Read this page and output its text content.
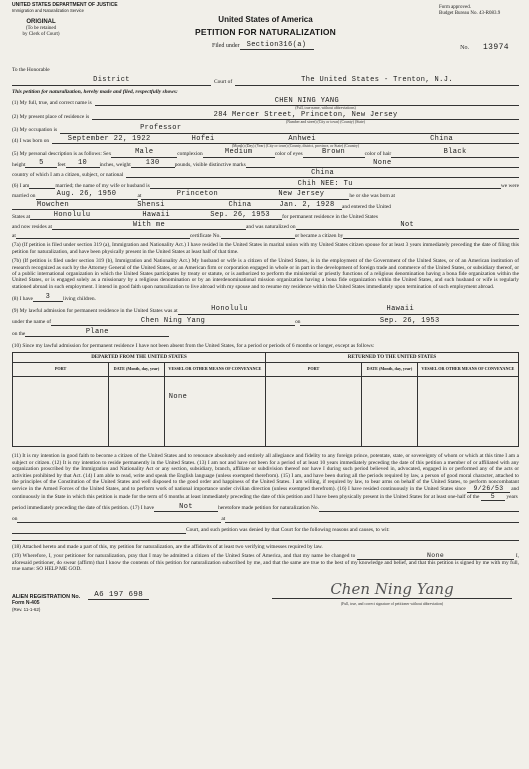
UNITED STATES DEPARTMENT OF JUSTICE
Immigration and Naturalization Service
ORIGINAL
(To be retained
by Clerk of Court)
United States of America
PETITION FOR NATURALIZATION
Filed under	Section316(a)
Form approved.
Budget Bureau No. 43-R083.9
No. 13974
To the Honorable
District	Court of	The United States - Trenton, N.J.
This petition for naturalization, hereby made and filed, respectfully shows:
(1) My full, true, and correct name is	CHEN NING YANG
(Full, true name, without abbreviations)
(2) My present place of residence is	284 Mercer Street, Princeton, New Jersey
(Number and street) (City or town) (County) (State)
(3) My occupation is	Professor
(4) I was born on	September 22, 1922	Hofei	Anhwei	China
(Month) (Day) (Year) (City or town) (County, district, province, or State) (Country)
(5) My personal description is as follows: Sex	Male	complexion	Medium	color of eyes	Brown	color of hair	Black
height	5	feet	10	inches, weight	130	pounds, visible distinctive marks	None
country of which I am a citizen, subject, or national	China
(6) I am	married; the name of my wife or husband is	Chih NEE: Tu	we were
married on	Aug. 26, 1950	at	Princeton	New Jersey	he or she was born at
Mowchen	Shensi	China	Jan. 2, 1928	and entered the United
States at	Honolulu	Hawaii	Sep. 26, 1953	for permanent residence in the United States
and now resides at	With me	and was naturalized on	Not
at	certificate No.	or became a citizen by

(7a) (If petition is filed under section 319 (a), Immigration and Nationality Act.) I have resided in the United States in marital union with my United States citizen spouse for at least 3 years immediately preceding the date of filing this petition for naturalization, and have been physically present in the United States at least half of that time.

(7b) (If petition is filed under section 319 (b), Immigration and Nationality Act.) My husband or wife is a citizen of the United States, is in the employment of the Government of the United States, or of an American institution of research recognized as such by the Attorney General of the United States, or an American firm or corporation engaged in whole or in part in the development of foreign trade and commerce of the United States, or subsidiary thereof, or of a public international organization in which the United States participates by treaty or statute, or is authorized to perform the ministerial or priestly functions of a religious denomination having a bona fide organization within the United States, or is engaged solely as a missionary by a religious denomination or by an interdenominational mission organization having a bona fide organization within the United States, and such husband or wife is regularly stationed abroad in such employment. I intend in good faith upon naturalization to live abroad with my spouse and to resume my residence within the United States immediately upon termination of such employment abroad.

(8) I have	3	living children.
(9) My lawful admission for permanent residence in the United States was at	Honolulu	Hawaii
under the name of	Chen Ning Yang	on	Sep. 26, 1953
on the	Plane

(10) Since my lawful admission for permanent residence I have not been absent from the United States, for a period or periods of 6 months or longer, except as follows:

DEPARTED FROM THE UNITED STATES			RETURNED TO THE UNITED STATES		
PORT	DATE (Month, day, year)	VESSEL OR OTHER MEANS OF CONVEYANCE	PORT	DATE (Month, day, year)	VESSEL OR OTHER MEANS OF CONVEYANCE
		None			

(11) It is my intention in good faith to become a citizen of the United States and to renounce absolutely and entirely all allegiance and fidelity to any foreign prince, potentate, state, or sovereignty of whom or which at this time I am a subject or citizen. (12) It is my intention to reside permanently in the United States. (13) I am not and have not been for a period of at least 10 years immediately preceding the date of this petition a member of or affiliated with any organization proscribed by the Immigration and Nationality Act or any section, subsidiary, branch, affiliate or subdivision thereof nor have I during such period believed in, advocated, engaged in or performed any of the acts or activities prohibited by that Act. (14) I am able to read, write and speak the English language (unless exempted therefrom). (15) I am, and have been during all the periods required by law, a person of good moral character, attached to the principles of the Constitution of the United States and well disposed to the good order and happiness of the United States. I am willing, if required by law, to bear arms on behalf of the United States, to perform noncombatant service in the Armed Forces of the United States, and to perform work of national importance under civilian direction (unless exempted therefrom). (16) I have resided continuously in the United States since 9/26/53 and continuously in the State in which this petition is made for the term of 6 months at least immediately preceding the date of this petition and I have been physically present in the United States for at least one-half of the 5 years

period immediately preceding the date of this petition. (17) I have	Not	heretofore made petition for naturalization No.
on	at
Court, and such petition was denied by that Court for the following reasons and causes, to wit:

(18) Attached hereto and made a part of this, my petition for naturalization, are the affidavits of at least two verifying witnesses required by law.

(19) Wherefore, I, your petitioner for naturalization, pray that I may be admitted a citizen of the United States of America, and that my name be changed to	None	I, aforesaid petitioner, do swear (affirm) that I know the contents of this petition for naturalization subscribed by me, and that the same are true to the best of my knowledge and belief, and that this petition is signed by me with my full, true name: SO HELP ME GOD.

ALIEN REGISTRATION No.	A6 197 698
Form N-405
(Rev. 11-1-62)
Chen Ning Yang
(Full, true, and correct signature of petitioner without abbreviation)
